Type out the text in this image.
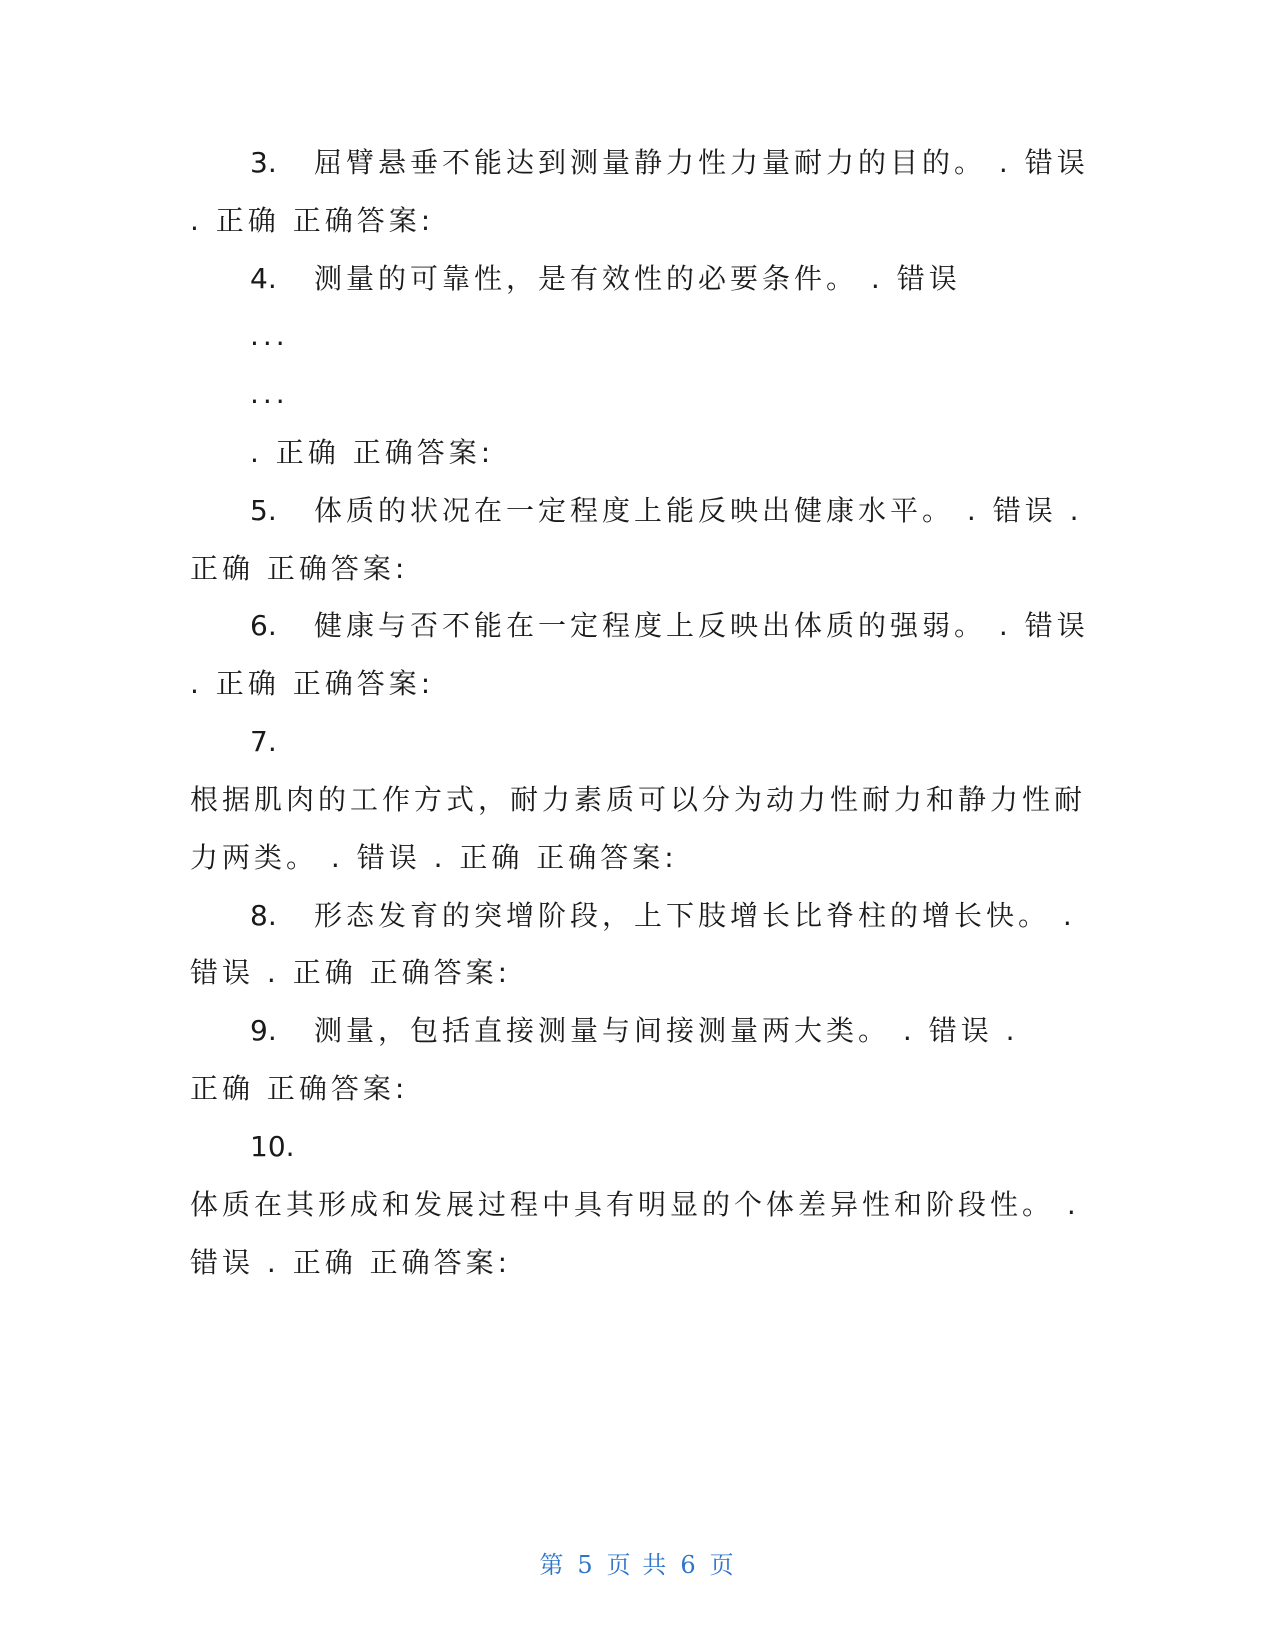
3. 屈臂悬垂不能达到测量静力性力量耐力的目的。 . 错误
. 正确 正确答案:
4. 测量的可靠性，是有效性的必要条件。 . 错误
...
...
. 正确 正确答案:
5. 体质的状况在一定程度上能反映出健康水平。 . 错误 .
正确 正确答案:
6. 健康与否不能在一定程度上反映出体质的强弱。 . 错误
. 正确 正确答案:
7.
根据肌肉的工作方式，耐力素质可以分为动力性耐力和静力性耐
力两类。 . 错误 . 正确 正确答案:
8. 形态发育的突增阶段，上下肢增长比脊柱的增长快。 .
错误 . 正确 正确答案:
9. 测量，包括直接测量与间接测量两大类。 . 错误 .
正确 正确答案:
10.
体质在其形成和发展过程中具有明显的个体差异性和阶段性。 .
错误 . 正确 正确答案:
第 5 页 共 6 页
